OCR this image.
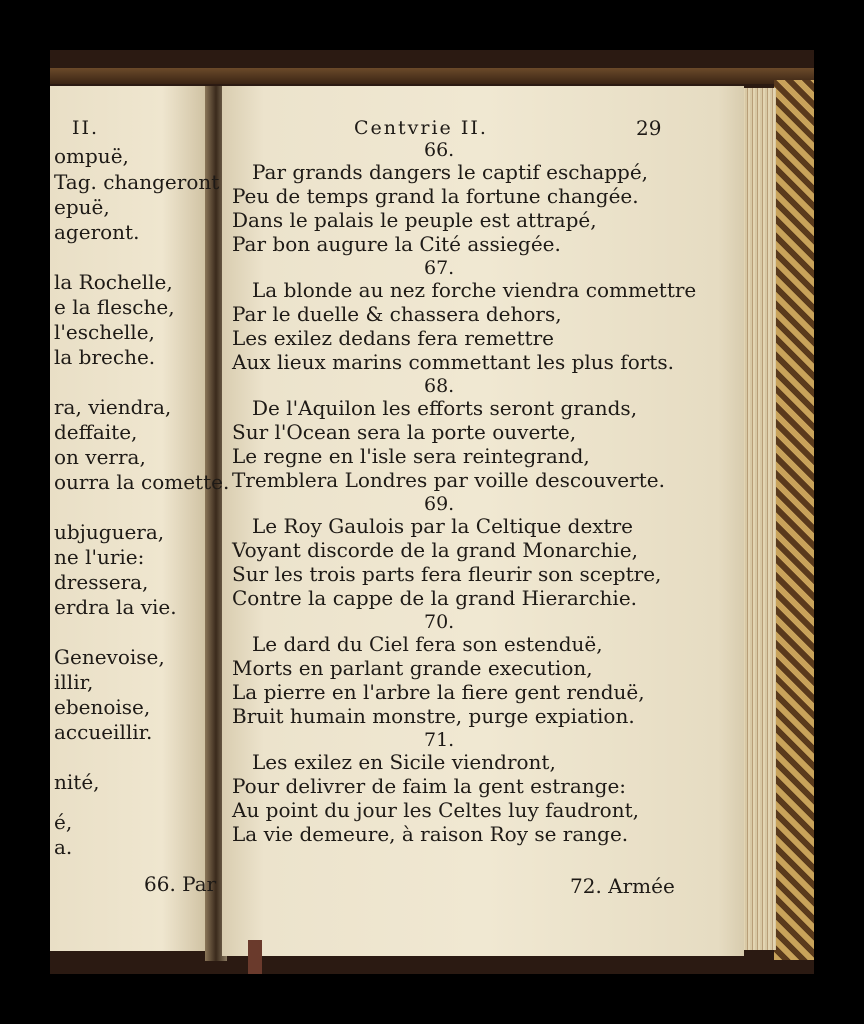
II.
ompuë,
Tag. changeront
epuë,
ageront.
la Rochelle,
e la flesche,
l'eschelle,
la breche.
ra, viendra,
deffaite,
on verra,
ourra la comette.
ubjuguera,
ne l'urie:
dressera,
erdra la vie.
Genevoise,
illir,
ebenoise,
accueillir.
nité,
é,
a.
66. Par
Centvrie II.	29
66.
Par grands dangers le captif eschappé,
Peu de temps grand la fortune changée.
Dans le palais le peuple est attrapé,
Par bon augure la Cité assiegée.
67.
La blonde au nez forche viendra commettre
Par le duelle & chassera dehors,
Les exilez dedans fera remettre
Aux lieux marins commettant les plus forts.
68.
De l'Aquilon les efforts seront grands,
Sur l'Ocean sera la porte ouverte,
Le regne en l'isle sera reintegrand,
Tremblera Londres par voille descouverte.
69.
Le Roy Gaulois par la Celtique dextre
Voyant discorde de la grand Monarchie,
Sur les trois parts fera fleurir son sceptre,
Contre la cappe de la grand Hierarchie.
70.
Le dard du Ciel fera son estenduë,
Morts en parlant grande execution,
La pierre en l'arbre la fiere gent renduë,
Bruit humain monstre, purge expiation.
71.
Les exilez en Sicile viendront,
Pour delivrer de faim la gent estrange:
Au point du jour les Celtes luy faudront,
La vie demeure, à raison Roy se range.
72. Armée
